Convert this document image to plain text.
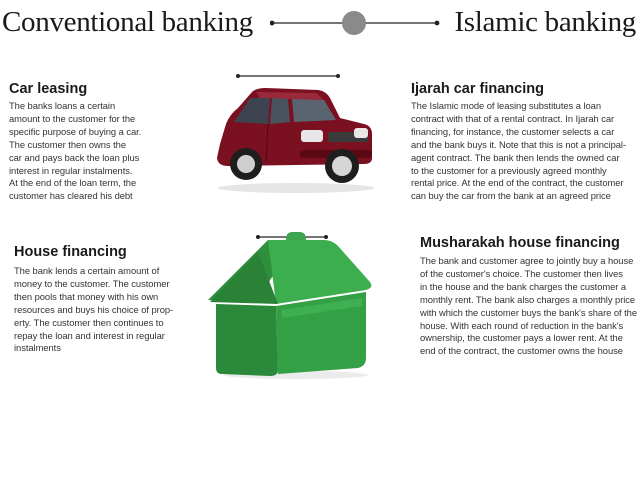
Conventional banking	Islamic banking
Car leasing
The banks loans a certain
amount to the customer for the
specific purpose of buying a car.
The customer then owns the
car and pays back the loan plus
interest in regular instalments.
At the end of the loan term, the
customer has cleared his debt
Ijarah car financing
The Islamic mode of leasing substitutes a loan
contract with that of a rental contract. In Ijarah car
financing, for instance, the customer selects a car
and the bank buys it. Note that this is not a principal-
agent contract. The bank then lends the owned car
to the customer for a previously agreed monthly
rental price. At the end of the contract, the customer
can buy the car from the bank at an agreed price
House financing
The bank lends a certain amount of
money to the customer. The customer
then pools that money with his own
resources and buys his choice of prop-
erty. The customer then continues to
repay the loan and interest in regular
instalments
Musharakah house financing
The bank and customer agree to jointly buy a house
of the customer's choice. The customer then lives
in the house and the bank charges the customer a
monthly rent. The bank also charges a monthly price
with which the customer buys the bank's share of the
house. With each round of reduction in the bank's
ownership, the customer pays a lower rent. At the
end of the contract, the customer owns the house
